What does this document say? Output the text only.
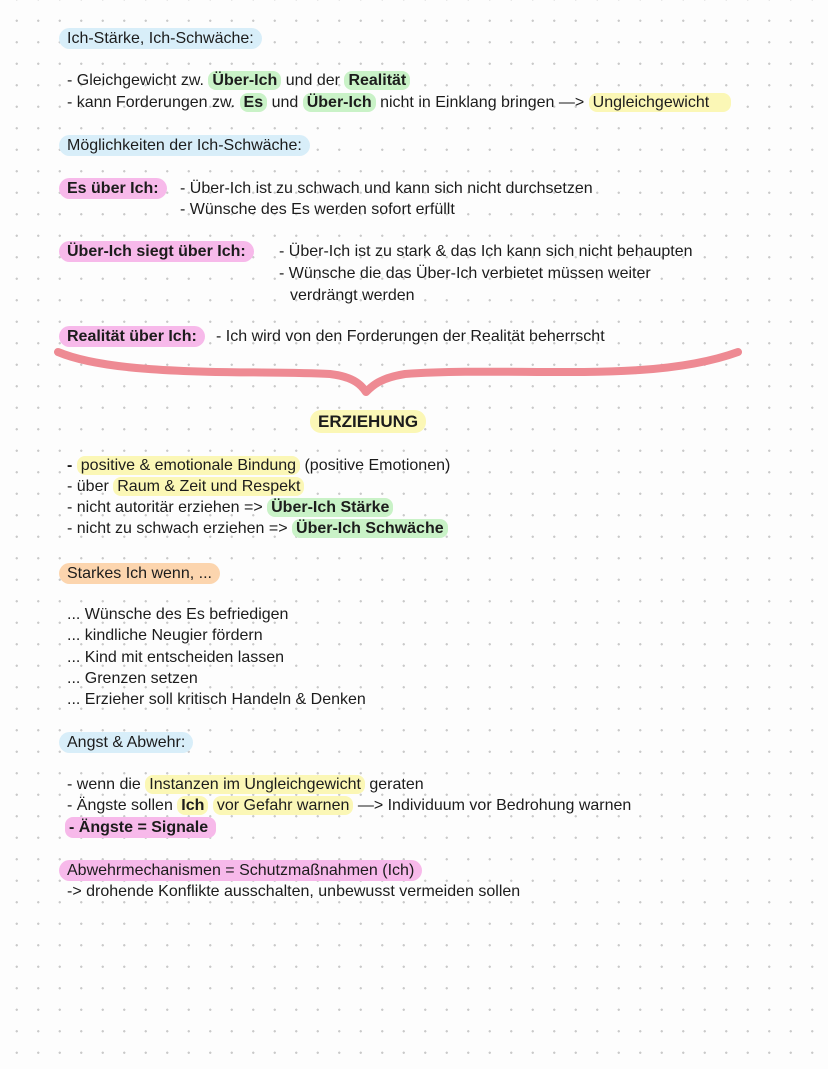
Ich-Stärke, Ich-Schwäche:
- Gleichgewicht zw. Über-Ich und der Realität
- kann Forderungen zw. Es und Über-Ich nicht in Einklang bringen —> Ungleichgewicht
Möglichkeiten der Ich-Schwäche:
Es über Ich:	- Über-Ich ist zu schwach und kann sich nicht durchsetzen
- Wünsche des Es werden sofort erfüllt
Über-Ich siegt über Ich:	- Über-Ich ist zu stark & das Ich kann sich nicht behaupten
- Wünsche die das Über-Ich verbietet müssen weiter
verdrängt werden
Realität über Ich:	- Ich wird von den Forderungen der Realität beherrscht
ERZIEHUNG
- positive & emotionale Bindung (positive Emotionen)
- über Raum & Zeit und Respekt
- nicht autoritär erziehen => Über-Ich Stärke
- nicht zu schwach erziehen => Über-Ich Schwäche
Starkes Ich wenn, ...
... Wünsche des Es befriedigen
... kindliche Neugier fördern
... Kind mit entscheiden lassen
... Grenzen setzen
... Erzieher soll kritisch Handeln & Denken
Angst & Abwehr:
- wenn die Instanzen im Ungleichgewicht geraten
- Ängste sollen Ich vor Gefahr warnen —> Individuum vor Bedrohung warnen
- Ängste = Signale
Abwehrmechanismen = Schutzmaßnahmen (Ich)
-> drohende Konflikte ausschalten, unbewusst vermeiden sollen
